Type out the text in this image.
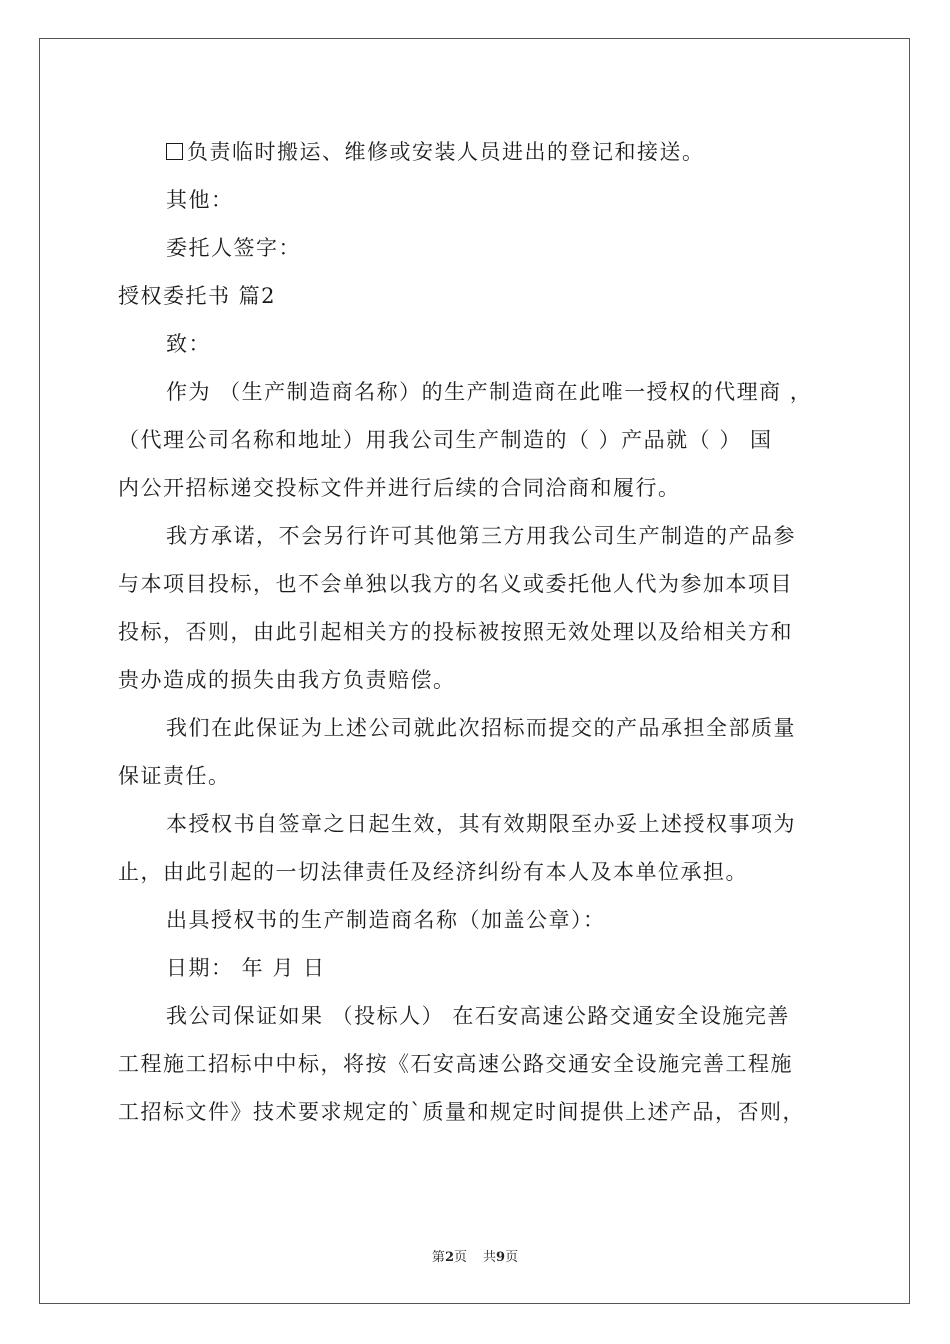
负责临时搬运、维修或安装人员进出的登记和接送。
其他：
委托人签字：
授权委托书 篇2
致：
作为 （生产制造商名称）的生产制造商在此唯一授权的代理商 ，
（代理公司名称和地址）用我公司生产制造的（ ）产品就（ ） 国
内公开招标递交投标文件并进行后续的合同洽商和履行。
我方承诺，不会另行许可其他第三方用我公司生产制造的产品参
与本项目投标，也不会单独以我方的名义或委托他人代为参加本项目
投标，否则，由此引起相关方的投标被按照无效处理以及给相关方和
贵办造成的损失由我方负责赔偿。
我们在此保证为上述公司就此次招标而提交的产品承担全部质量
保证责任。
本授权书自签章之日起生效，其有效期限至办妥上述授权事项为
止，由此引起的一切法律责任及经济纠纷有本人及本单位承担。
出具授权书的生产制造商名称（加盖公章）：
日期： 年 月 日
我公司保证如果 （投标人） 在石安高速公路交通安全设施完善
工程施工招标中中标，将按《石安高速公路交通安全设施完善工程施
工招标文件》技术要求规定的`质量和规定时间提供上述产品，否则，
第2页 共9页
